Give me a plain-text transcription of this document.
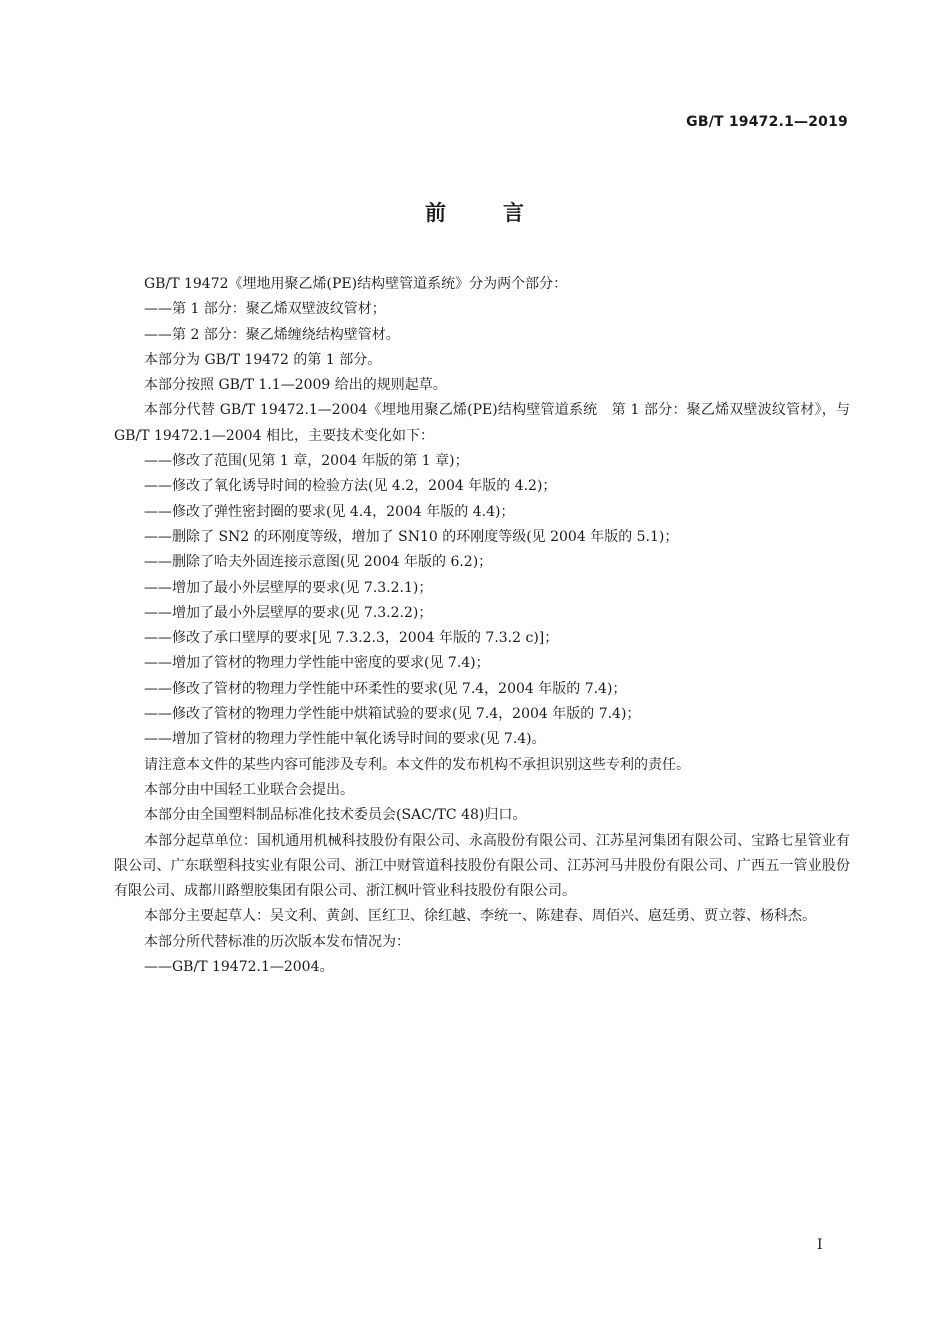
GB/T 19472.1—2019
前	言

GB/T 19472《埋地用聚乙烯(PE)结构壁管道系统》分为两个部分：

——第 1 部分：聚乙烯双壁波纹管材；

——第 2 部分：聚乙烯缠绕结构壁管材。

本部分为 GB/T 19472 的第 1 部分。

本部分按照 GB/T 1.1—2009 给出的规则起草。

本部分代替 GB/T 19472.1—2004《埋地用聚乙烯(PE)结构壁管道系统　第 1 部分：聚乙烯双壁波纹管材》，与 GB/T 19472.1—2004 相比，主要技术变化如下：

——修改了范围(见第 1 章，2004 年版的第 1 章)；

——修改了氧化诱导时间的检验方法(见 4.2，2004 年版的 4.2)；

——修改了弹性密封圈的要求(见 4.4，2004 年版的 4.4)；

——删除了 SN2 的环刚度等级，增加了 SN10 的环刚度等级(见 2004 年版的 5.1)；

——删除了哈夫外固连接示意图(见 2004 年版的 6.2)；

——增加了最小外层壁厚的要求(见 7.3.2.1)；

——增加了最小外层壁厚的要求(见 7.3.2.2)；

——修改了承口壁厚的要求[见 7.3.2.3，2004 年版的 7.3.2 c)]；

——增加了管材的物理力学性能中密度的要求(见 7.4)；

——修改了管材的物理力学性能中环柔性的要求(见 7.4，2004 年版的 7.4)；

——修改了管材的物理力学性能中烘箱试验的要求(见 7.4，2004 年版的 7.4)；

——增加了管材的物理力学性能中氧化诱导时间的要求(见 7.4)。

请注意本文件的某些内容可能涉及专利。本文件的发布机构不承担识别这些专利的责任。

本部分由中国轻工业联合会提出。

本部分由全国塑料制品标准化技术委员会(SAC/TC 48)归口。

本部分起草单位：国机通用机械科技股份有限公司、永高股份有限公司、江苏星河集团有限公司、宝路七星管业有限公司、广东联塑科技实业有限公司、浙江中财管道科技股份有限公司、江苏河马井股份有限公司、广西五一管业股份有限公司、成都川路塑胶集团有限公司、浙江枫叶管业科技股份有限公司。

本部分主要起草人：吴文利、黄剑、匡红卫、徐红越、李统一、陈建春、周佰兴、扈廷勇、贾立蓉、杨科杰。

本部分所代替标准的历次版本发布情况为：

——GB/T 19472.1—2004。

I
